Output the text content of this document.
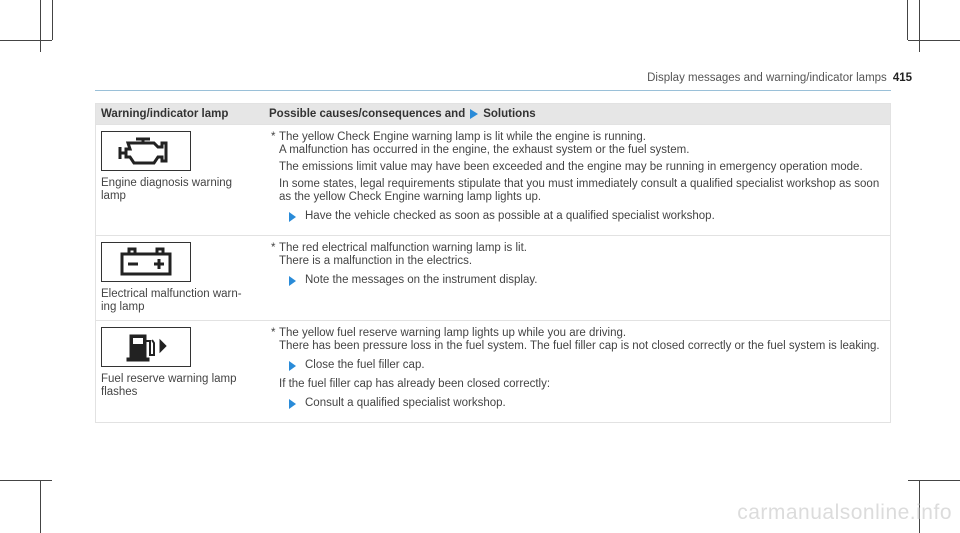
Display messages and warning/indicator lamps 415
Warning/indicator lamp	Possible causes/consequences and Solutions
Engine diagnosis warning lamp

* The yellow Check Engine warning lamp is lit while the engine is running.
A malfunction has occurred in the engine, the exhaust system or the fuel system.

The emissions limit value may have been exceeded and the engine may be running in emergency operation mode.

In some states, legal requirements stipulate that you must immediately consult a qualified specialist workshop as soon as the yellow Check Engine warning lamp lights up.

Have the vehicle checked as soon as possible at a qualified specialist workshop.
Electrical malfunction warn-ing lamp

* The red electrical malfunction warning lamp is lit.
There is a malfunction in the electrics.

Note the messages on the instrument display.
Fuel reserve warning lamp flashes

* The yellow fuel reserve warning lamp lights up while you are driving.
There has been pressure loss in the fuel system. The fuel filler cap is not closed correctly or the fuel system is leaking.

Close the fuel filler cap.

If the fuel filler cap has already been closed correctly:

Consult a qualified specialist workshop.
carmanualsonline.info
